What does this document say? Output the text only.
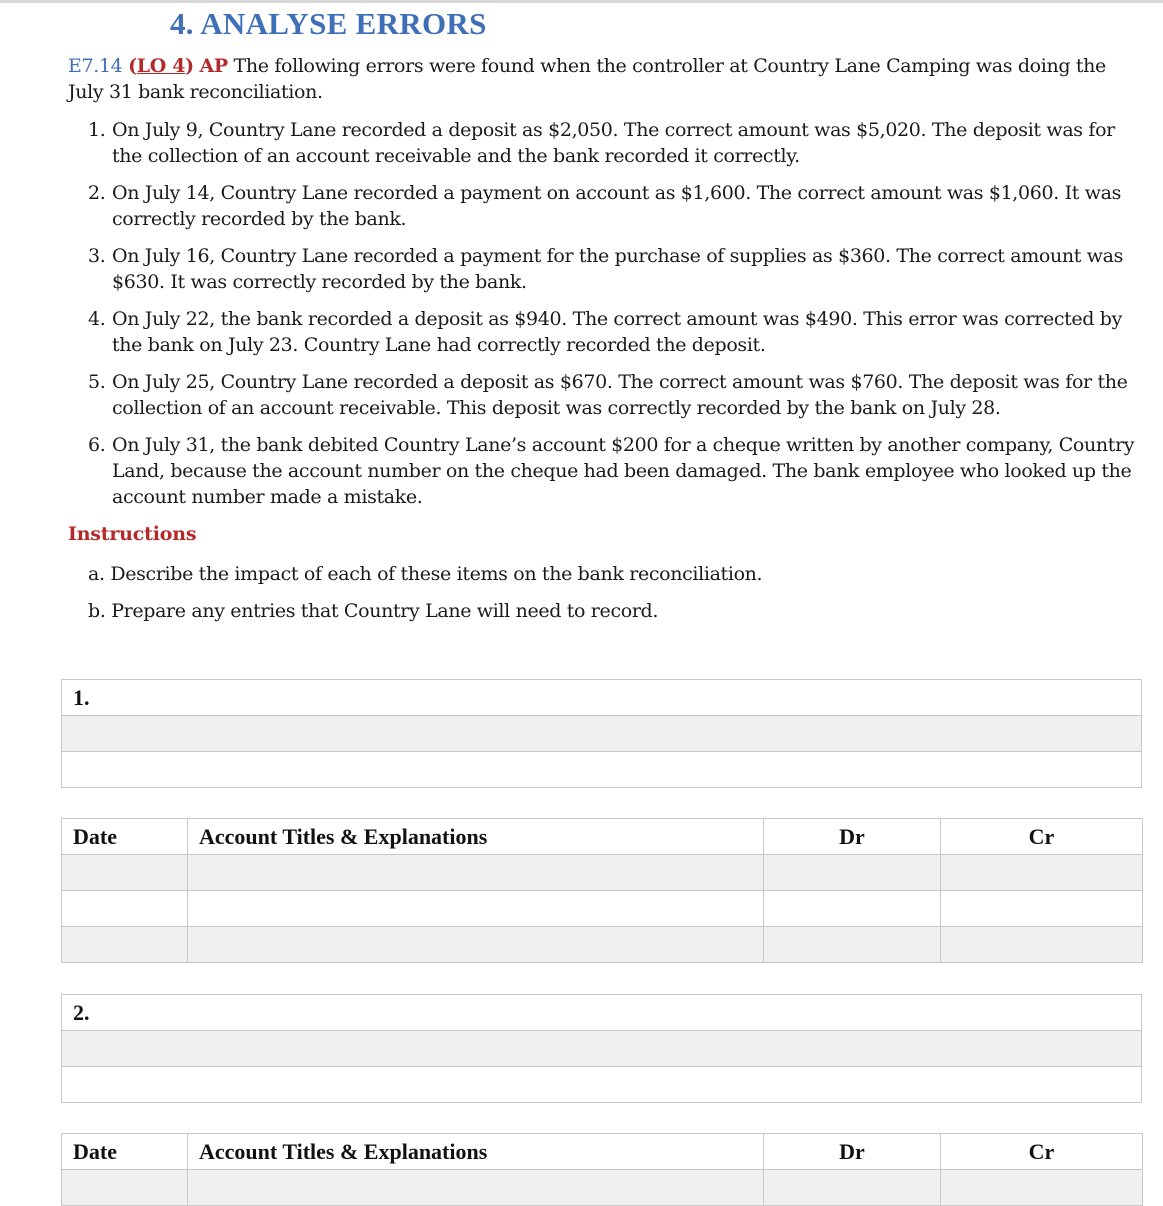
4. ANALYSE ERRORS
E7.14 (LO 4) AP The following errors were found when the controller at Country Lane Camping was doing the July 31 bank reconciliation.
1. On July 9, Country Lane recorded a deposit as $2,050. The correct amount was $5,020. The deposit was for the collection of an account receivable and the bank recorded it correctly.
2. On July 14, Country Lane recorded a payment on account as $1,600. The correct amount was $1,060. It was correctly recorded by the bank.
3. On July 16, Country Lane recorded a payment for the purchase of supplies as $360. The correct amount was $630. It was correctly recorded by the bank.
4. On July 22, the bank recorded a deposit as $940. The correct amount was $490. This error was corrected by the bank on July 23. Country Lane had correctly recorded the deposit.
5. On July 25, Country Lane recorded a deposit as $670. The correct amount was $760. The deposit was for the collection of an account receivable. This deposit was correctly recorded by the bank on July 28.
6. On July 31, the bank debited Country Lane’s account $200 for a cheque written by another company, Country Land, because the account number on the cheque had been damaged. The bank employee who looked up the account number made a mistake.
Instructions
a. Describe the impact of each of these items on the bank reconciliation.
b. Prepare any entries that Country Lane will need to record.
1.

Date	Account Titles & Explanations	Dr	Cr

2.

Date	Account Titles & Explanations	Dr	Cr
